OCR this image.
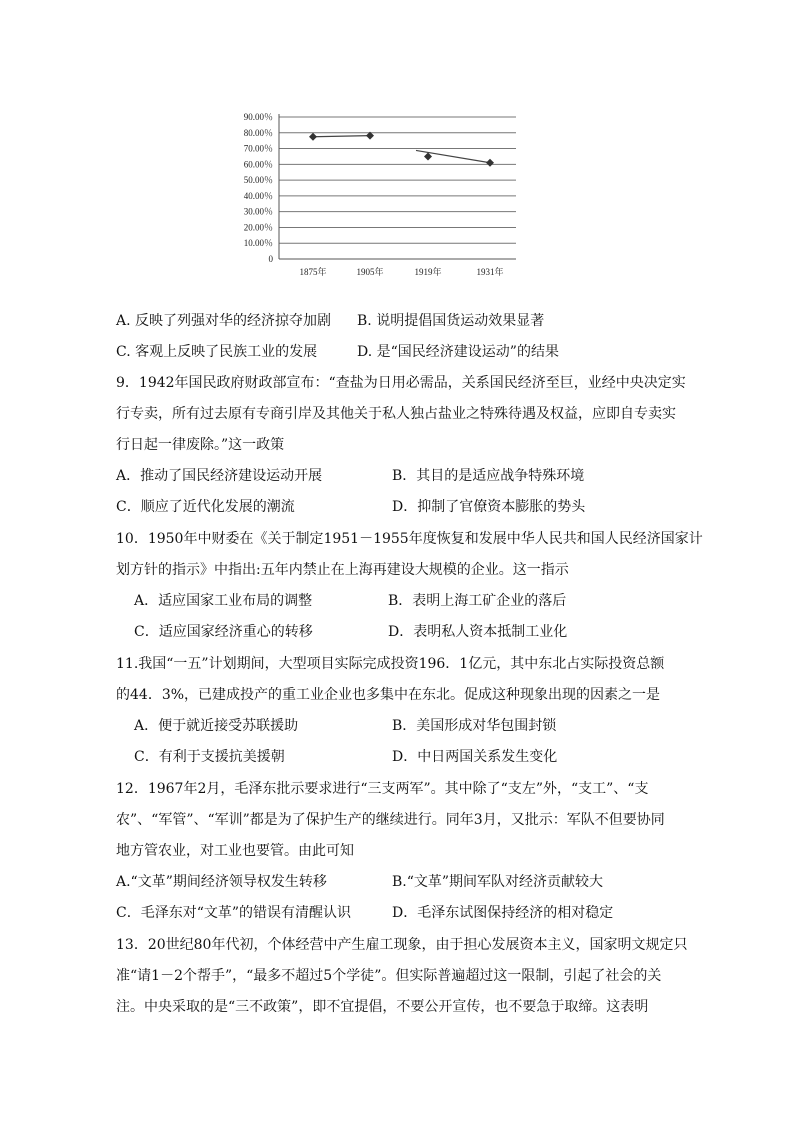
90.00％
80.00％
70.00％
60.00％
50.00％
40.00％
30.00％
20.00％
10.00％
0
1875年	1905年	1919年	1931年
A. 反映了列强对华的经济掠夺加剧 B. 说明提倡国货运动效果显著
C. 客观上反映了民族工业的发展	D. 是“国民经济建设运动”的结果
9．1942年国民政府财政部宣布：“查盐为日用必需品，关系国民经济至巨，业经中央决定实
行专卖，所有过去原有专商引岸及其他关于私人独占盐业之特殊待遇及权益，应即自专卖实
行日起一律废除。”这一政策
A．推动了国民经济建设运动开展	B．其目的是适应战争特殊环境
C．顺应了近代化发展的潮流	D．抑制了官僚资本膨胀的势头
10．1950年中财委在《关于制定1951－1955年度恢复和发展中华人民共和国人民经济国家计
划方针的指示》中指出:五年内禁止在上海再建设大规模的企业。这一指示
A．适应国家工业布局的调整	B．表明上海工矿企业的落后
C．适应国家经济重心的转移	D．表明私人资本抵制工业化
11.我国“一五”计划期间，大型项目实际完成投资196．1亿元，其中东北占实际投资总额
的44．3%，已建成投产的重工业企业也多集中在东北。促成这种现象出现的因素之一是
A．便于就近接受苏联援助	B．美国形成对华包围封锁
C．有利于支援抗美援朝	D．中日两国关系发生变化
12．1967年2月，毛泽东批示要求进行“三支两军”。其中除了“支左”外，“支工”、“支
农”、“军管”、“军训”都是为了保护生产的继续进行。同年3月，又批示：军队不但要协同
地方管农业，对工业也要管。由此可知
A.“文革”期间经济领导权发生转移	B.“文革”期间军队对经济贡献较大
C．毛泽东对“文革”的错误有清醒认识	D．毛泽东试图保持经济的相对稳定
13．20世纪80年代初，个体经营中产生雇工现象，由于担心发展资本主义，国家明文规定只
准“请1－2个帮手”，“最多不超过5个学徒”。但实际普遍超过这一限制，引起了社会的关
注。中央采取的是“三不政策”，即不宜提倡，不要公开宣传，也不要急于取缔。这表明
